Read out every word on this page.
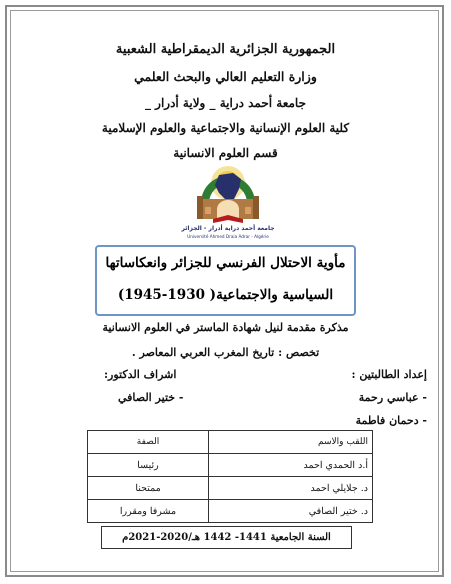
الجمهورية الجزائرية الديمقراطية الشعبية
وزارة التعليم العالي والبحث العلمي
جامعة أحمد دراية _ ولاية أدرار _
كلية العلوم الإنسانية والاجتماعية والعلوم الإسلامية
قسم العلوم الانسانية
جامعة أحمد دراية أدرار - الجزائر
Université Ahmed Draia Adrar - Algérie
مأوية الاحتلال الفرنسي للجزائر وانعكاساتها
السياسية والاجتماعية( 1930-1945)
مذكرة مقدمة لنيل شهادة الماستر في العلوم الانسانية
تخصص : تاريخ المغرب العربي المعاصر .
إعداد الطالبتين :
اشراف الدكتور:
- عباسي رحمة
- دحمان فاطمة
- ختير الصافي
اللقب والاسم	الصفة
أ.د الحمدي احمد	رئيسا
د. جلايلي احمد	ممتحنا
د. ختير الصافي	مشرفا ومقررا
السنة الجامعية 1441- 1442 هـ/2020-2021م
